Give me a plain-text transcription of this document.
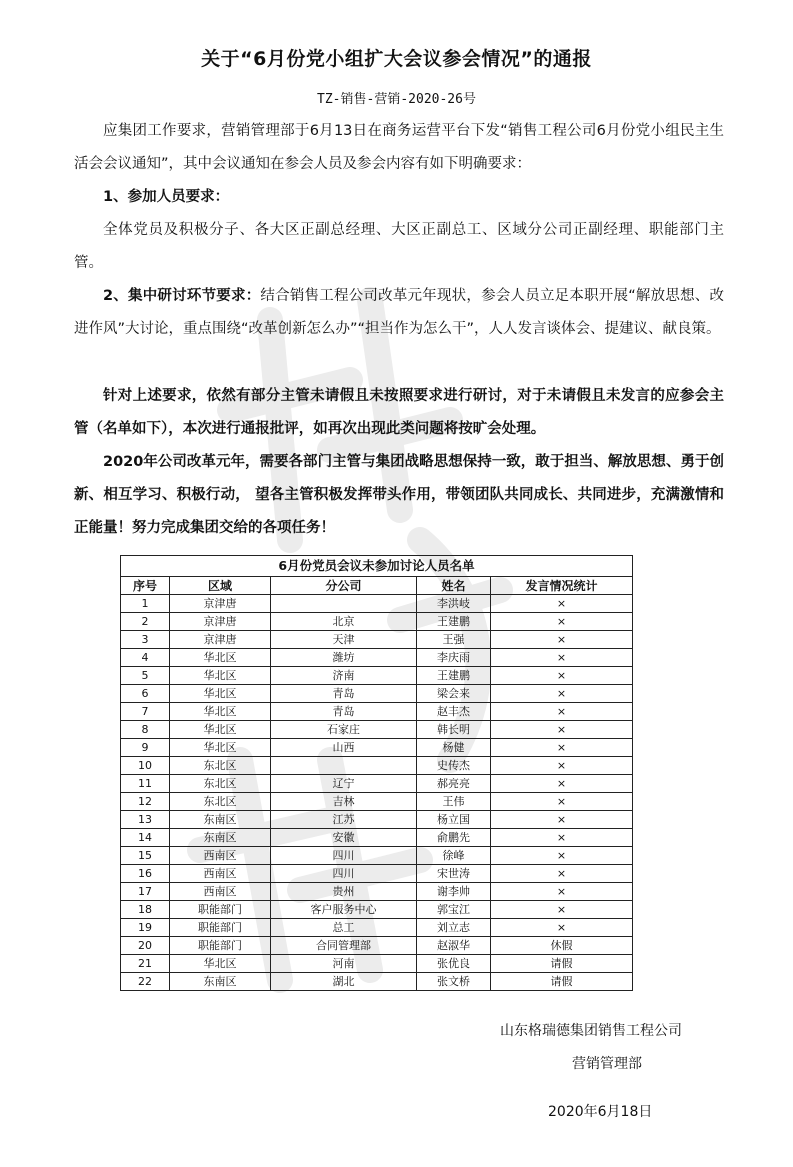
关于“6月份党小组扩大会议参会情况”的通报
TZ-销售-营销-2020-26号
应集团工作要求，营销管理部于6月13日在商务运营平台下发“销售工程公司6月份党小组民主生活会会议通知”，其中会议通知在参会人员及参会内容有如下明确要求：
1、参加人员要求：
全体党员及积极分子、各大区正副总经理、大区正副总工、区域分公司正副经理、职能部门主管。
2、集中研讨环节要求：结合销售工程公司改革元年现状，参会人员立足本职开展“解放思想、改进作风”大讨论，重点围绕“改革创新怎么办”“担当作为怎么干”，人人发言谈体会、提建议、献良策。
针对上述要求，依然有部分主管未请假且未按照要求进行研讨，对于未请假且未发言的应参会主管（名单如下），本次进行通报批评，如再次出现此类问题将按旷会处理。
2020年公司改革元年，需要各部门主管与集团战略思想保持一致，敢于担当、解放思想、勇于创新、相互学习、积极行动， 望各主管积极发挥带头作用，带领团队共同成长、共同进步，充满激情和正能量！努力完成集团交给的各项任务！
6月份党员会议未参加讨论人员名单				
序号	区域	分公司	姓名	发言情况统计
1	京津唐		李洪岐	×
2	京津唐	北京	王建鹏	×
3	京津唐	天津	王强	×
4	华北区	潍坊	李庆雨	×
5	华北区	济南	王建鹏	×
6	华北区	青岛	梁会来	×
7	华北区	青岛	赵丰杰	×
8	华北区	石家庄	韩长明	×
9	华北区	山西	杨健	×
10	东北区		史传杰	×
11	东北区	辽宁	郝亮亮	×
12	东北区	吉林	王伟	×
13	东南区	江苏	杨立国	×
14	东南区	安徽	俞鹏先	×
15	西南区	四川	徐峰	×
16	西南区	四川	宋世涛	×
17	西南区	贵州	谢李帅	×
18	职能部门	客户服务中心	郭宝江	×
19	职能部门	总工	刘立志	×
20	职能部门	合同管理部	赵淑华	休假
21	华北区	河南	张优良	请假
22	东南区	湖北	张文桥	请假
山东格瑞德集团销售工程公司
营销管理部
2020年6月18日
